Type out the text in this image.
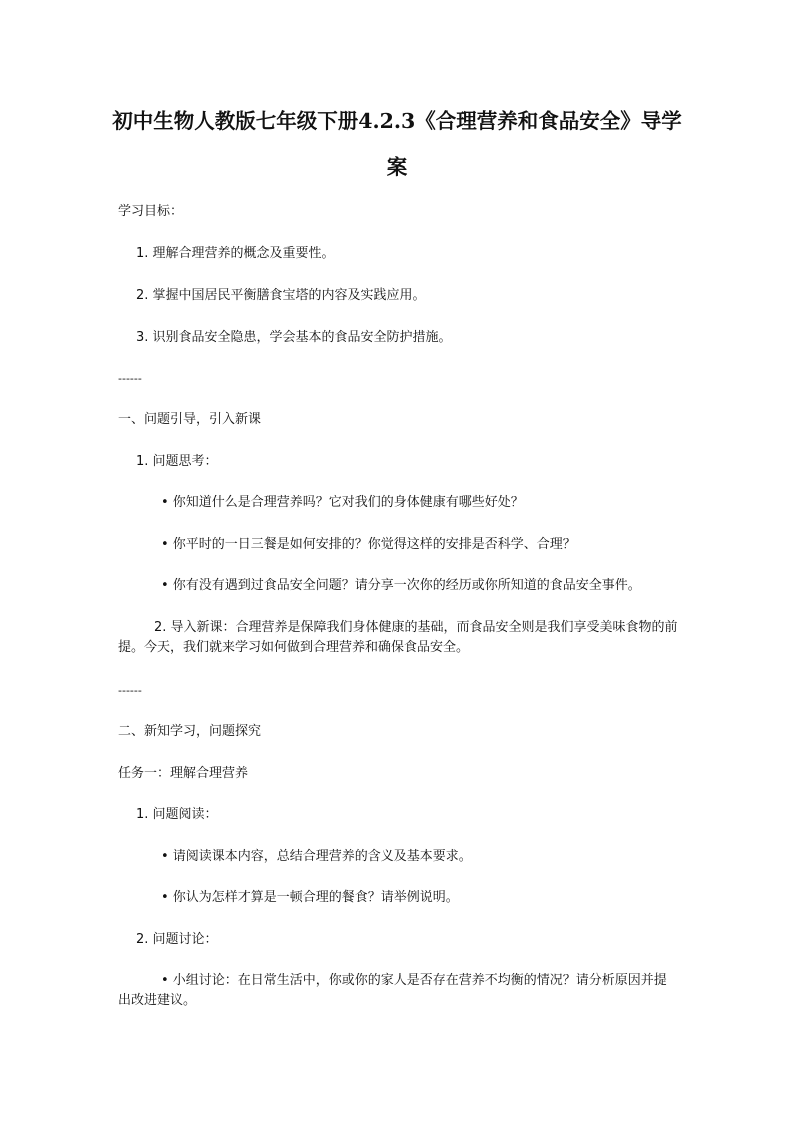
初中生物人教版七年级下册4.2.3《合理营养和食品安全》导学案

学习目标：

1. 理解合理营养的概念及重要性。

2. 掌握中国居民平衡膳食宝塔的内容及实践应用。

3. 识别食品安全隐患，学会基本的食品安全防护措施。

------

一、问题引导，引入新课

1. 问题思考：

• 你知道什么是合理营养吗？它对我们的身体健康有哪些好处？

• 你平时的一日三餐是如何安排的？你觉得这样的安排是否科学、合理？

• 你有没有遇到过食品安全问题？请分享一次你的经历或你所知道的食品安全事件。

2. 导入新课：合理营养是保障我们身体健康的基础，而食品安全则是我们享受美味食物的前提。今天，我们就来学习如何做到合理营养和确保食品安全。

------

二、新知学习，问题探究

任务一：理解合理营养

1. 问题阅读：

• 请阅读课本内容，总结合理营养的含义及基本要求。

• 你认为怎样才算是一顿合理的餐食？请举例说明。

2. 问题讨论：

• 小组讨论：在日常生活中，你或你的家人是否存在营养不均衡的情况？请分析原因并提出改进建议。
